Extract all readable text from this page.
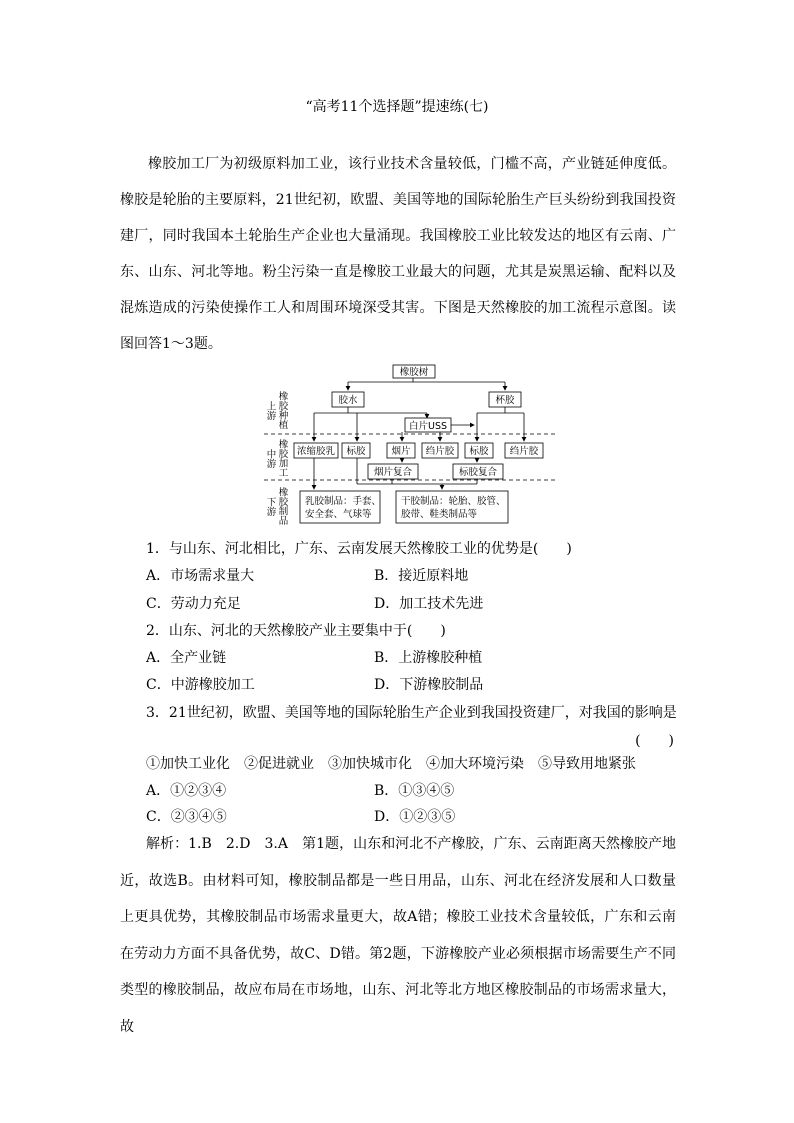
“高考11个选择题”提速练(七)
橡胶加工厂为初级原料加工业，该行业技术含量较低，门槛不高，产业链延伸度低。橡胶是轮胎的主要原料，21世纪初，欧盟、美国等地的国际轮胎生产巨头纷纷到我国投资建厂，同时我国本土轮胎生产企业也大量涌现。我国橡胶工业比较发达的地区有云南、广东、山东、河北等地。粉尘污染一直是橡胶工业最大的问题，尤其是炭黑运输、配料以及混炼造成的污染使操作工人和周围环境深受其害。下图是天然橡胶的加工流程示意图。读图回答1～3题。
橡胶种植
上游
橡胶加工
中游
橡胶制品
下游
橡胶树
胶水	杯胶
白片USS
浓缩胶乳 标胶	烟片 绉片胶 标胶 绉片胶
烟片复合	标胶复合
乳胶制品：手套、
安全套、气球等
干胶制品：轮胎、胶管、
胶带、鞋类制品等
1．与山东、河北相比，广东、云南发展天然橡胶工业的优势是(　　)
A．市场需求量大	B．接近原料地
C．劳动力充足	D．加工技术先进
2．山东、河北的天然橡胶产业主要集中于(　　)
A．全产业链	B．上游橡胶种植
C．中游橡胶加工	D．下游橡胶制品
3．21世纪初，欧盟、美国等地的国际轮胎生产企业到我国投资建厂，对我国的影响是
(　　)
①加快工业化　②促进就业　③加快城市化　④加大环境污染　⑤导致用地紧张
A．①②③④	B．①③④⑤
C．②③④⑤	D．①②③⑤
解析：1.B　2.D　3.A　第1题，山东和河北不产橡胶，广东、云南距离天然橡胶产地近，故选B。由材料可知，橡胶制品都是一些日用品，山东、河北在经济发展和人口数量上更具优势，其橡胶制品市场需求量更大，故A错；橡胶工业技术含量较低，广东和云南在劳动力方面不具备优势，故C、D错。第2题，下游橡胶产业必须根据市场需要生产不同类型的橡胶制品，故应布局在市场地，山东、河北等北方地区橡胶制品的市场需求量大，故
